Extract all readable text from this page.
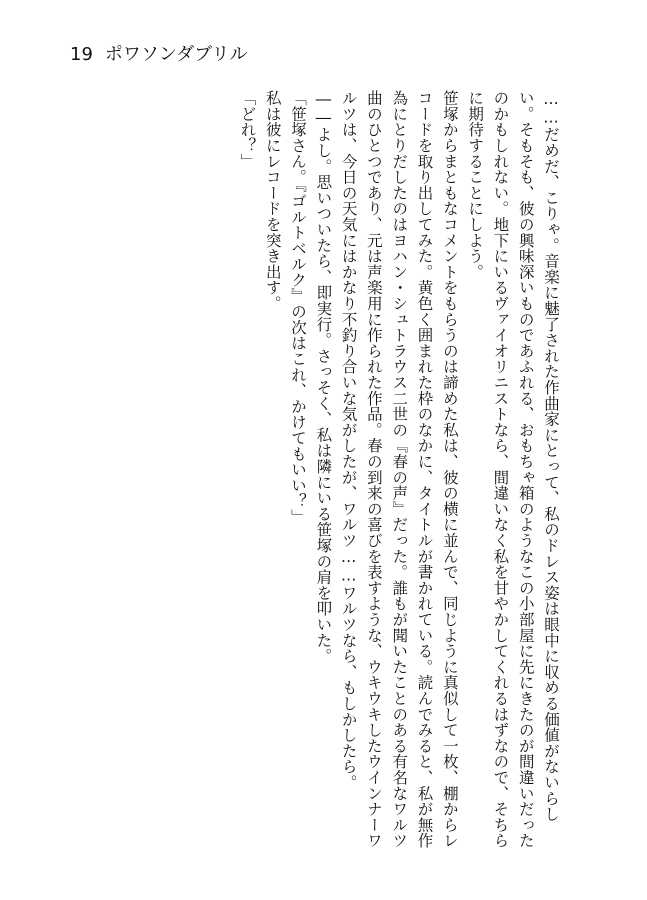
19 ポワソンダブリル

……だめだ、こりゃ。音楽に魅了された作曲家にとって、私のドレス姿は眼中に収める価値がないらしい。そもそも、彼の興味深いものであふれる、おもちゃ箱のようなこの小部屋に先にきたのが間違いだったのかもしれない。地下にいるヴァイオリニストなら、間違いなく私を甘やかしてくれるはずなので、そちらに期待することにしよう。

笹塚からまともなコメントをもらうのは諦めた私は、彼の横に並んで、同じように真似して一枚、棚からレコードを取り出してみた。黄色く囲まれた枠のなかに、タイトルが書かれている。読んでみると、私が無作為にとりだしたのはヨハン・シュトラウス二世の『春の声』だった。誰もが聞いたことのある有名なワルツ曲のひとつであり、元は声楽用に作られた作品。春の到来の喜びを表すような、ウキウキしたウインナーワルツは、今日の天気にはかなり不釣り合いな気がしたが、ワルツ……ワルツなら、もしかしたら。

――よし。思いついたら、即実行。さっそく、私は隣にいる笹塚の肩を叩いた。

「笹塚さん。『ゴルトベルク』の次はこれ、かけてもいい？」

私は彼にレコードを突き出す。

「どれ？」
